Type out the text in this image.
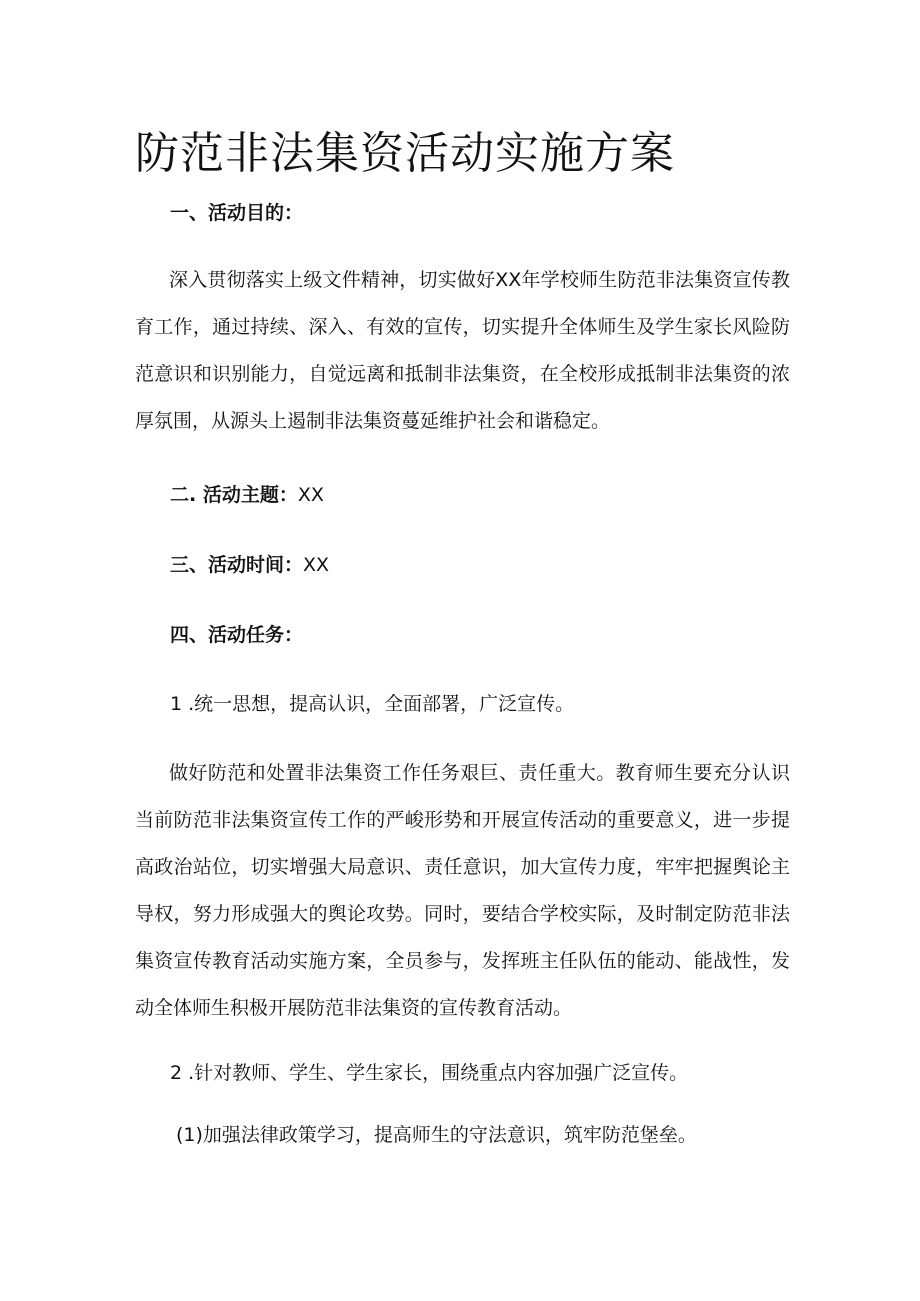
防范非法集资活动实施方案
一、活动目的：

深入贯彻落实上级文件精神，切实做好XX年学校师生防范非法集资宣传教育工作，通过持续、深入、有效的宣传，切实提升全体师生及学生家长风险防范意识和识别能力，自觉远离和抵制非法集资，在全校形成抵制非法集资的浓厚氛围，从源头上遏制非法集资蔓延维护社会和谐稳定。

二. 活动主题：XX
三、活动时间：XX
四、活动任务：

1 .统一思想，提高认识，全面部署，广泛宣传。

做好防范和处置非法集资工作任务艰巨、责任重大。教育师生要充分认识当前防范非法集资宣传工作的严峻形势和开展宣传活动的重要意义，进一步提高政治站位，切实增强大局意识、责任意识，加大宣传力度，牢牢把握舆论主导权，努力形成强大的舆论攻势。同时，要结合学校实际，及时制定防范非法集资宣传教育活动实施方案，全员参与，发挥班主任队伍的能动、能战性，发动全体师生积极开展防范非法集资的宣传教育活动。

2 .针对教师、学生、学生家长，围绕重点内容加强广泛宣传。

(1)加强法律政策学习，提高师生的守法意识，筑牢防范堡垒。
